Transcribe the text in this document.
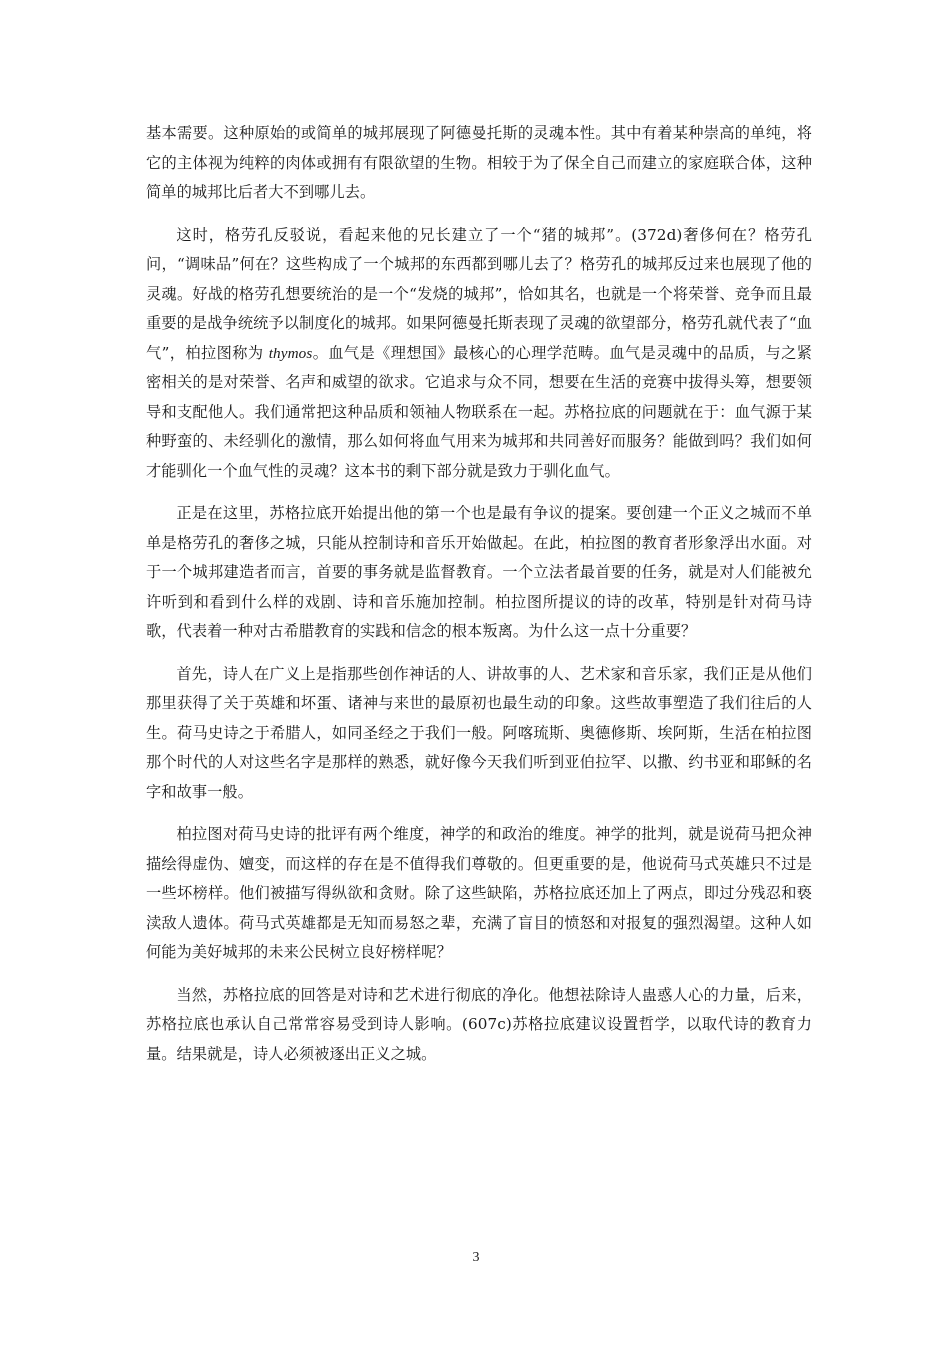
基本需要。这种原始的或简单的城邦展现了阿德曼托斯的灵魂本性。其中有着某种崇高的单纯，将它的主体视为纯粹的肉体或拥有有限欲望的生物。相较于为了保全自己而建立的家庭联合体，这种简单的城邦比后者大不到哪儿去。

这时，格劳孔反驳说，看起来他的兄长建立了一个“猪的城邦”。(372d)奢侈何在？格劳孔问，“调味品”何在？这些构成了一个城邦的东西都到哪儿去了？格劳孔的城邦反过来也展现了他的灵魂。好战的格劳孔想要统治的是一个“发烧的城邦”，恰如其名，也就是一个将荣誉、竞争而且最重要的是战争统统予以制度化的城邦。如果阿德曼托斯表现了灵魂的欲望部分，格劳孔就代表了“血气”，柏拉图称为 thymos。血气是《理想国》最核心的心理学范畴。血气是灵魂中的品质，与之紧密相关的是对荣誉、名声和威望的欲求。它追求与众不同，想要在生活的竞赛中拔得头筹，想要领导和支配他人。我们通常把这种品质和领袖人物联系在一起。苏格拉底的问题就在于：血气源于某种野蛮的、未经驯化的激情，那么如何将血气用来为城邦和共同善好而服务？能做到吗？我们如何才能驯化一个血气性的灵魂？这本书的剩下部分就是致力于驯化血气。

正是在这里，苏格拉底开始提出他的第一个也是最有争议的提案。要创建一个正义之城而不单单是格劳孔的奢侈之城，只能从控制诗和音乐开始做起。在此，柏拉图的教育者形象浮出水面。对于一个城邦建造者而言，首要的事务就是监督教育。一个立法者最首要的任务，就是对人们能被允许听到和看到什么样的戏剧、诗和音乐施加控制。柏拉图所提议的诗的改革，特别是针对荷马诗歌，代表着一种对古希腊教育的实践和信念的根本叛离。为什么这一点十分重要？

首先，诗人在广义上是指那些创作神话的人、讲故事的人、艺术家和音乐家，我们正是从他们那里获得了关于英雄和坏蛋、诸神与来世的最原初也最生动的印象。这些故事塑造了我们往后的人生。荷马史诗之于希腊人，如同圣经之于我们一般。阿喀琉斯、奥德修斯、埃阿斯，生活在柏拉图那个时代的人对这些名字是那样的熟悉，就好像今天我们听到亚伯拉罕、以撒、约书亚和耶稣的名字和故事一般。

柏拉图对荷马史诗的批评有两个维度，神学的和政治的维度。神学的批判，就是说荷马把众神描绘得虚伪、嬗变，而这样的存在是不值得我们尊敬的。但更重要的是，他说荷马式英雄只不过是一些坏榜样。他们被描写得纵欲和贪财。除了这些缺陷，苏格拉底还加上了两点，即过分残忍和亵渎敌人遗体。荷马式英雄都是无知而易怒之辈，充满了盲目的愤怒和对报复的强烈渴望。这种人如何能为美好城邦的未来公民树立良好榜样呢？

当然，苏格拉底的回答是对诗和艺术进行彻底的净化。他想祛除诗人蛊惑人心的力量，后来，苏格拉底也承认自己常常容易受到诗人影响。(607c)苏格拉底建议设置哲学，以取代诗的教育力量。结果就是，诗人必须被逐出正义之城。

3
